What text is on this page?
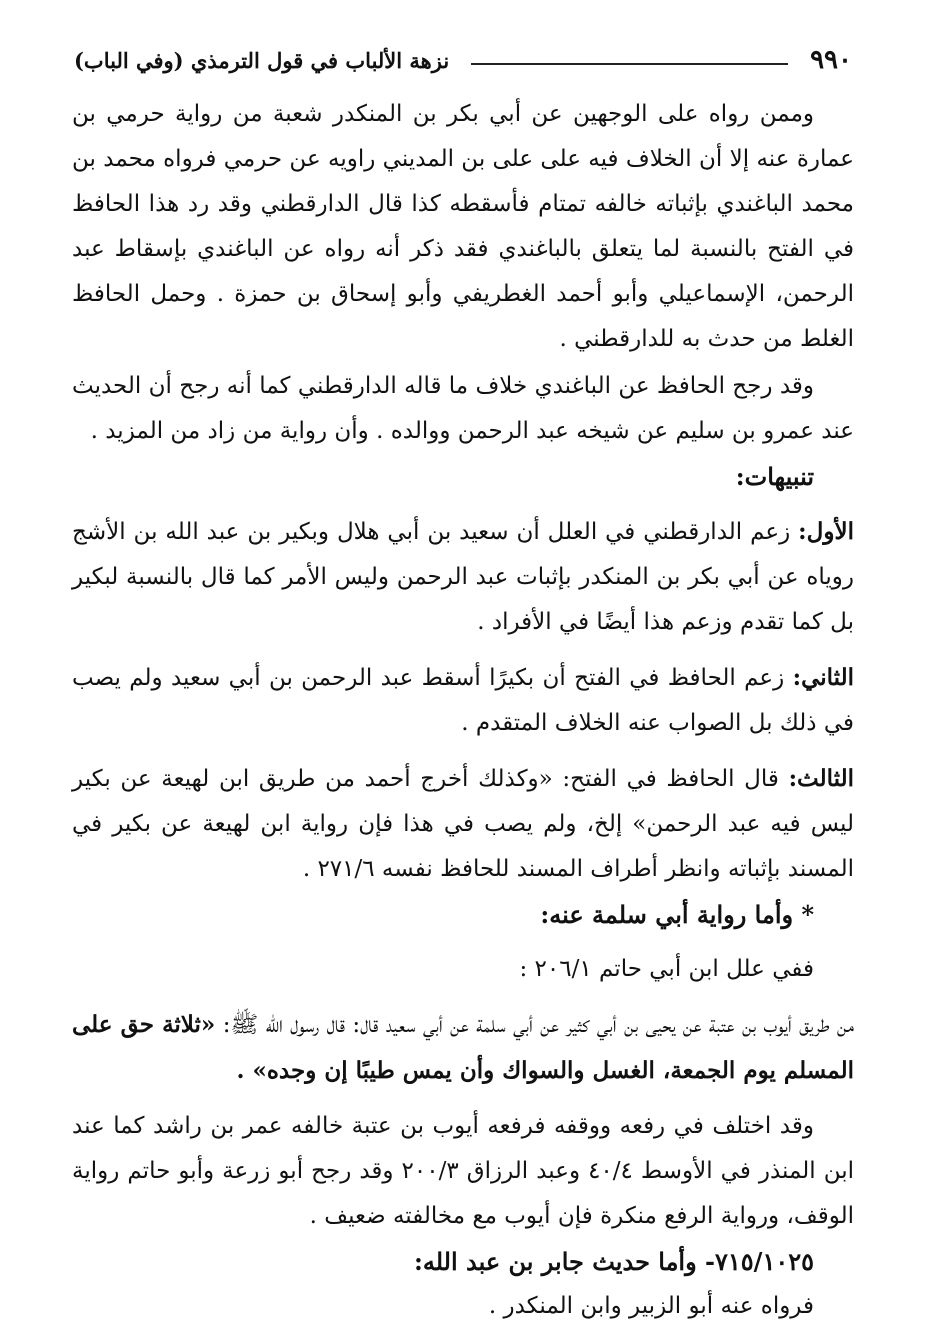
٩٩٠
نزهة الألباب في قول الترمذي (وفي الباب)

وممن رواه على الوجهين عن أبي بكر بن المنكدر شعبة من رواية حرمي بن عمارة عنه إلا أن الخلاف فيه على على بن المديني راويه عن حرمي فرواه محمد بن محمد الباغندي بإثباته خالفه تمتام فأسقطه كذا قال الدارقطني وقد رد هذا الحافظ في الفتح بالنسبة لما يتعلق بالباغندي فقد ذكر أنه رواه عن الباغندي بإسقاط عبد الرحمن، الإسماعيلي وأبو أحمد الغطريفي وأبو إسحاق بن حمزة . وحمل الحافظ الغلط من حدث به للدارقطني .

وقد رجح الحافظ عن الباغندي خلاف ما قاله الدارقطني كما أنه رجح أن الحديث عند عمرو بن سليم عن شيخه عبد الرحمن ووالده . وأن رواية من زاد من المزيد .

تنبيهات:

الأول: زعم الدارقطني في العلل أن سعيد بن أبي هلال وبكير بن عبد الله بن الأشج روياه عن أبي بكر بن المنكدر بإثبات عبد الرحمن وليس الأمر كما قال بالنسبة لبكير بل كما تقدم وزعم هذا أيضًا في الأفراد .

الثاني: زعم الحافظ في الفتح أن بكيرًا أسقط عبد الرحمن بن أبي سعيد ولم يصب في ذلك بل الصواب عنه الخلاف المتقدم .

الثالث: قال الحافظ في الفتح: «وكذلك أخرج أحمد من طريق ابن لهيعة عن بكير ليس فيه عبد الرحمن» إلخ، ولم يصب في هذا فإن رواية ابن لهيعة عن بكير في المسند بإثباته وانظر أطراف المسند للحافظ نفسه ٢٧١/٦ .

* وأما رواية أبي سلمة عنه:

ففي علل ابن أبي حاتم ٢٠٦/١ :

من طريق أيوب بن عتبة عن يحيى بن أبي كثير عن أبي سلمة عن أبي سعيد قال: قال رسول الله ﷺ: «ثلاثة حق على المسلم يوم الجمعة، الغسل والسواك وأن يمس طيبًا إن وجده» .

وقد اختلف في رفعه ووقفه فرفعه أيوب بن عتبة خالفه عمر بن راشد كما عند ابن المنذر في الأوسط ٤٠/٤ وعبد الرزاق ٢٠٠/٣ وقد رجح أبو زرعة وأبو حاتم رواية الوقف، ورواية الرفع منكرة فإن أيوب مع مخالفته ضعيف .

٧١٥/١٠٢٥- وأما حديث جابر بن عبد الله:

فرواه عنه أبو الزبير وابن المنكدر .
